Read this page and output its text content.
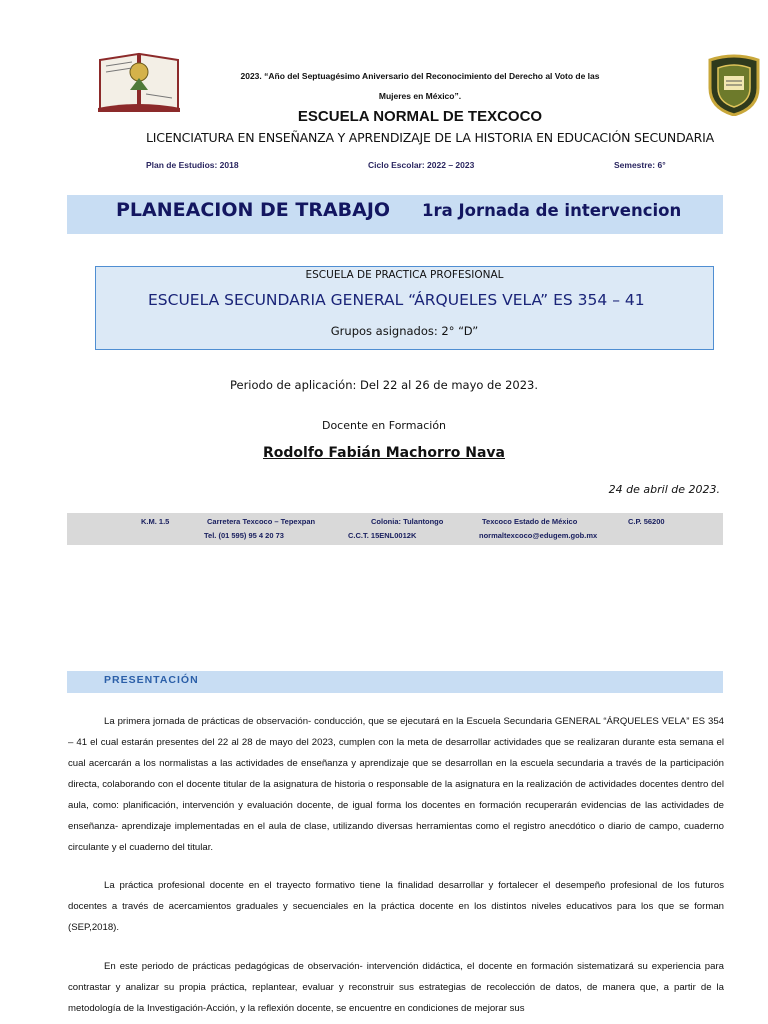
2023. “Año del Septuagésimo Aniversario del Reconocimiento del Derecho al Voto de las
Mujeres en México”.
ESCUELA NORMAL DE TEXCOCO
LICENCIATURA EN ENSEÑANZA Y APRENDIZAJE DE LA HISTORIA EN EDUCACIÓN SECUNDARIA
Plan de Estudios: 2018	Ciclo Escolar: 2022 – 2023	Semestre: 6°
PLANEACION DE TRABAJO 1ra Jornada de intervencion
ESCUELA DE PRACTICA PROFESIONAL
ESCUELA SECUNDARIA GENERAL “ÁRQUELES VELA” ES 354 – 41
Grupos asignados: 2° “D”
Periodo de aplicación: Del 22 al 26 de mayo de 2023.
Docente en Formación
Rodolfo Fabián Machorro Nava
24 de abril de 2023.
K.M. 1.5	Carretera Texcoco – Tepexpan	Colonia: Tulantongo	Texcoco Estado de México	C.P. 56200
Tel. (01 595) 95 4 20 73	C.C.T. 15ENL0012K	normaltexcoco@edugem.gob.mx
PRESENTACIÓN

La primera jornada de prácticas de observación- conducción, que se ejecutará en la Escuela Secundaria GENERAL “ÁRQUELES VELA” ES 354 – 41 el cual estarán presentes del 22 al 28 de mayo del 2023, cumplen con la meta de desarrollar actividades que se realizaran durante esta semana el cual acercarán a los normalistas a las actividades de enseñanza y aprendizaje que se desarrollan en la escuela secundaria a través de la participación directa, colaborando con el docente titular de la asignatura de historia o responsable de la asignatura en la realización de actividades docentes dentro del aula, como: planificación, intervención y evaluación docente, de igual forma los docentes en formación recuperarán evidencias de las actividades de enseñanza- aprendizaje implementadas en el aula de clase, utilizando diversas herramientas como el registro anecdótico o diario de campo, cuaderno circulante y el cuaderno del titular.

La práctica profesional docente en el trayecto formativo tiene la finalidad desarrollar y fortalecer el desempeño profesional de los futuros docentes a través de acercamientos graduales y secuenciales en la práctica docente en los distintos niveles educativos para los que se forman (SEP,2018).

En este periodo de prácticas pedagógicas de observación- intervención didáctica, el docente en formación sistematizará su experiencia para contrastar y analizar su propia práctica, replantear, evaluar y reconstruir sus estrategias de recolección de datos, de manera que, a partir de la metodología de la Investigación-Acción, y la reflexión docente, se encuentre en condiciones de mejorar sus
